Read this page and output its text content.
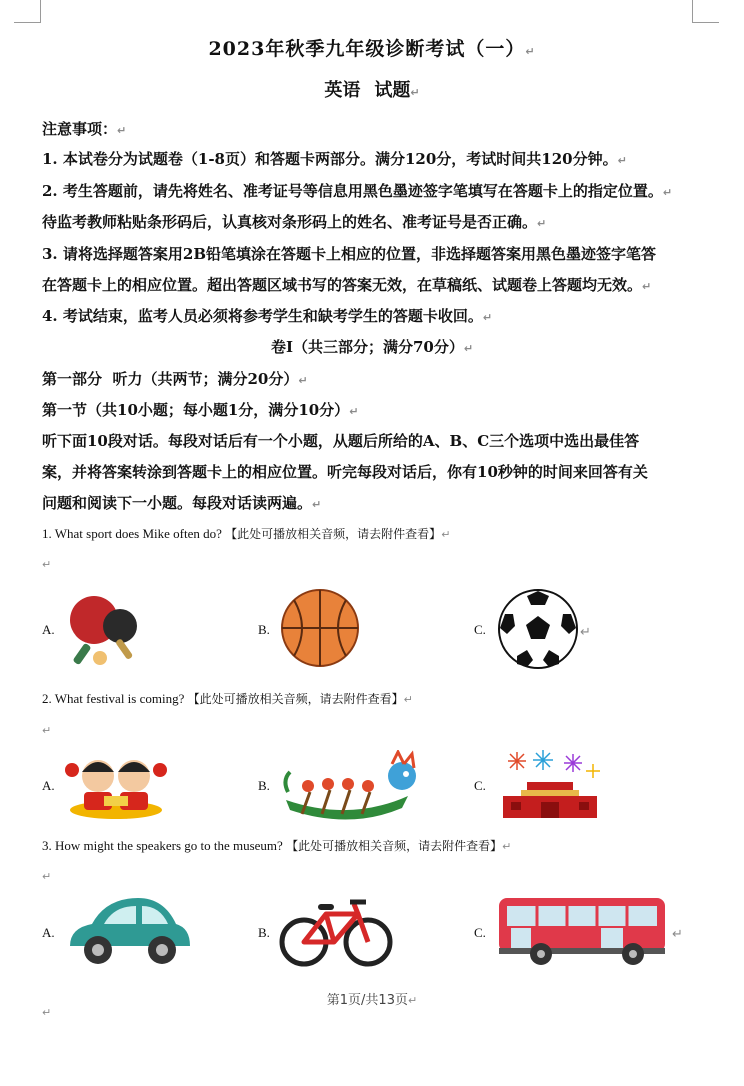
2023年秋季九年级诊断考试（一）↵
英语 试题↵
注意事项：↵
1. 本试卷分为试题卷（1-8页）和答题卡两部分。满分120分，考试时间共120分钟。↵
2. 考生答题前，请先将姓名、准考证号等信息用黑色墨迹签字笔填写在答题卡上的指定位置。↵
待监考教师粘贴条形码后，认真核对条形码上的姓名、准考证号是否正确。↵
3. 请将选择题答案用2B铅笔填涂在答题卡上相应的位置，非选择题答案用黑色墨迹签字笔答
在答题卡上的相应位置。超出答题区域书写的答案无效，在草稿纸、试题卷上答题均无效。↵
4. 考试结束，监考人员必须将参考学生和缺考学生的答题卡收回。↵
卷Ⅰ（共三部分；满分70分）↵
第一部分  听力（共两节；满分20分）↵
第一节（共10小题；每小题1分，满分10分）↵
听下面10段对话。每段对话后有一个小题，从题后所给的A、B、C三个选项中选出最佳答
案，并将答案转涂到答题卡上的相应位置。听完每段对话后，你有10秒钟的时间来回答有关
问题和阅读下一小题。每段对话读两遍。↵
1. What sport does Mike often do? 【此处可播放相关音频，请去附件查看】↵
↵
A.	B.	C.	↵
2. What festival is coming? 【此处可播放相关音频，请去附件查看】↵
↵
A.	B.	C.
3. How might the speakers go to the museum? 【此处可播放相关音频，请去附件查看】↵
↵
A.	B.	C.	↵
第1页/共13页↵
↵
